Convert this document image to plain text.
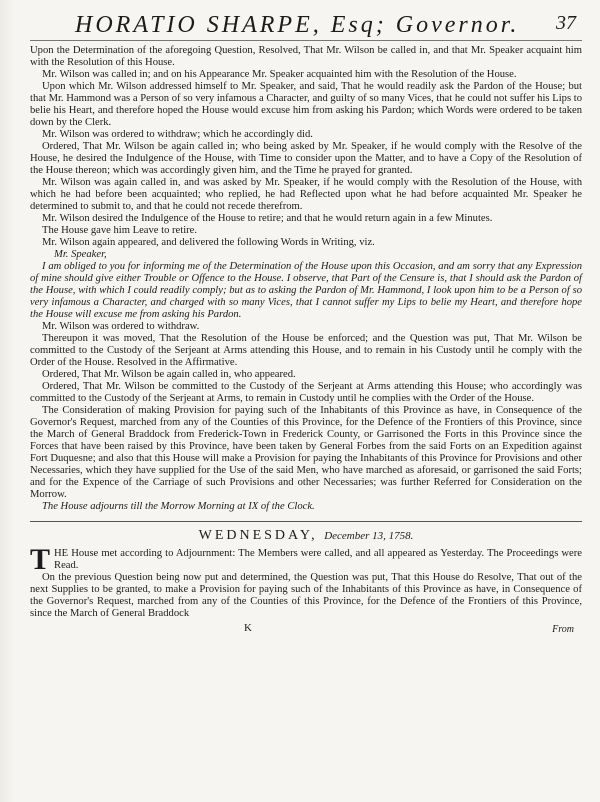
HORATIO SHARPE, Esq; Governor. 37

Upon the Determination of the aforegoing Question, Resolved, That Mr. Wilson be called in, and that Mr. Speaker acquaint him with the Resolution of this House.

Mr. Wilson was called in; and on his Appearance Mr. Speaker acquainted him with the Resolution of the House.

Upon which Mr. Wilson addressed himself to Mr. Speaker, and said, That he would readily ask the Pardon of the House; but that Mr. Hammond was a Person of so very infamous a Character, and guilty of so many Vices, that he could not suffer his Lips to belie his Heart, and therefore hoped the House would excuse him from asking his Pardon; which Words were ordered to be taken down by the Clerk.

Mr. Wilson was ordered to withdraw; which he accordingly did.

Ordered, That Mr. Wilson be again called in; who being asked by Mr. Speaker, if he would comply with the Resolve of the House, he desired the Indulgence of the House, with Time to consider upon the Matter, and to have a Copy of the Resolution of the House thereon; which was accordingly given him, and the Time he prayed for granted.

Mr. Wilson was again called in, and was asked by Mr. Speaker, if he would comply with the Resolution of the House, with which he had before been acquainted; who replied, he had Reflected upon what he had before acquainted Mr. Speaker he determined to submit to, and that he could not recede therefrom.

Mr. Wilson desired the Indulgence of the House to retire; and that he would return again in a few Minutes.

The House gave him Leave to retire.

Mr. Wilson again appeared, and delivered the following Words in Writing, viz.

Mr. Speaker,

I am obliged to you for informing me of the Determination of the House upon this Occasion, and am sorry that any Expression of mine should give either Trouble or Offence to the House. I observe, that Part of the Censure is, that I should ask the Pardon of the House, with which I could readily comply; but as to asking the Pardon of Mr. Hammond, I look upon him to be a Person of so very infamous a Character, and charged with so many Vices, that I cannot suffer my Lips to belie my Heart, and therefore hope the House will excuse me from asking his Pardon.

Mr. Wilson was ordered to withdraw.

Thereupon it was moved, That the Resolution of the House be enforced; and the Question was put, That Mr. Wilson be committed to the Custody of the Serjeant at Arms attending this House, and to remain in his Custody until he comply with the Order of the House. Resolved in the Affirmative.

Ordered, That Mr. Wilson be again called in, who appeared.

Ordered, That Mr. Wilson be committed to the Custody of the Serjeant at Arms attending this House; who accordingly was committed to the Custody of the Serjeant at Arms, to remain in Custody until he complies with the Order of the House.

The Consideration of making Provision for paying such of the Inhabitants of this Province as have, in Consequence of the Governor's Request, marched from any of the Counties of this Province, for the Defence of the Frontiers of this Province, since the March of General Braddock from Frederick-Town in Frederick County, or Garrisoned the Forts in this Province since the Forces that have been raised by this Province, have been taken by General Forbes from the said Forts on an Expedition against Fort Duquesne; and also that this House will make a Provision for paying the Inhabitants of this Province for Provisions and other Necessaries, which they have supplied for the Use of the said Men, who have marched as aforesaid, or garrisoned the said Forts; and for the Expence of the Carriage of such Provisions and other Necessaries; was further Referred for Consideration on the Morrow.

The House adjourns till the Morrow Morning at IX of the Clock.

WEDNESDAY, December 13, 1758.

T HE House met according to Adjournment: The Members were called, and all appeared as Yesterday. The Proceedings were Read.

On the previous Question being now put and determined, the Question was put, That this House do Resolve, That out of the next Supplies to be granted, to make a Provision for paying such of the Inhabitants of this Province as have, in Consequence of the Governor's Request, marched from any of the Counties of this Province, for the Defence of the Frontiers of this Province, since the March of General Braddock

K	From
